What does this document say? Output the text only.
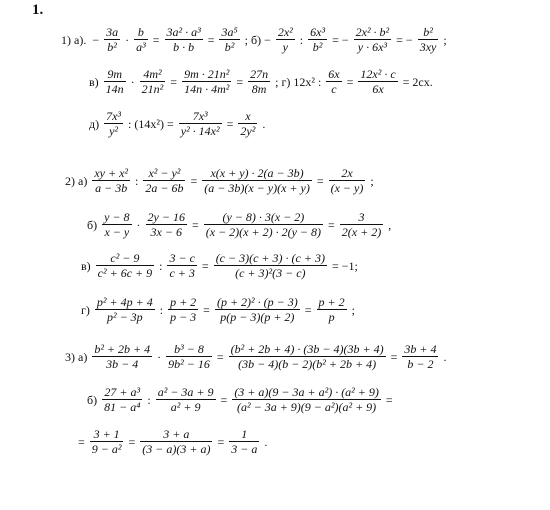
1.
1) а). − $\frac{3a}{\text{b²}} \cdot \frac{b}{\text{a³}} = \frac{\text{3a² · a³}}{b \cdot b} = \frac{\text{3a⁵}}{\text{b²}}$ ; $б) - \frac{\text{2x²}}{y}$ : $\frac{\text{6x³}}{\text{b²}}$ = − $\frac{\text{2x² · b²}}{\text{y · 6x³}}$ = − $\frac{\text{b²}}{3xy}$ ;
$в) \frac{9m}{14n} \cdot \frac{\text{4m²}}{\text{21n²}} = \frac{\text{9m · 21n²}}{\text{14n · 4m²}} = \frac{27n}{8m}$ ; г) 12x² : $\frac{6x}{c} = \frac{\text{12x² · c}}{6x} = 2cx$.
$д) \frac{\text{7x³}}{\text{y²}}$ : $(14x^2) = \frac{\text{7x³}}{\text{y² · 14x²}} = \frac{x}{\text{2y²}}$ .
2) $а) \frac{\text{xy + x²}}{a - 3b}$ : $\frac{\text{x² − y²}}{2a - 6b} = \frac{x(x + y) \cdot 2(a - 3b)}{(a - 3b)(x - y)(x + y)} = \frac{2x}{(x - y)}$ ;
$б) \frac{y - 8}{x - y} \cdot \frac{2y - 16}{3x - 6} = \frac{(y - 8) \cdot 3(x - 2)}{(x - 2)(x + 2) \cdot 2(y - 8)} = \frac{3}{2(x + 2)}$ ,
$в) \frac{\text{c² − 9}}{\text{c² + 6c + 9}}$ : $\frac{3 - c}{c + 3} = \frac{(c - 3)(c + 3) \cdot (c + 3)}{\text{(c + 3)²(3 − c)}} = -1$;
$г) \frac{\text{p² + 4p + 4}}{\text{p² − 3p}}$ : $\frac{p + 2}{p - 3} = \frac{\text{(p + 2)² · (p − 3)}}{p(p - 3)(p + 2)} = \frac{p + 2}{p}$ ;
3) $а) \frac{\text{b² + 2b + 4}}{3b - 4} \cdot \frac{\text{b³ − 8}}{\text{9b² − 16}} = \frac{\text{(b² + 2b + 4) · (3b − 4)(3b + 4)}}{\text{(3b − 4)(b − 2)(b² + 2b + 4)}} = \frac{3b + 4}{b - 2}$ .
$б) \frac{\text{27 + a³}}{\text{81 − a⁴}}$ : $\frac{\text{a² − 3a + 9}}{\text{a² + 9}} = \frac{\text{(3 + a)(9 − 3a + a²) · (a² + 9)}}{\text{(a² − 3a + 9)(9 − a²)(a² + 9)}}$ =
= $\frac{3 + 1}{\text{9 − a²}} = \frac{3 + a}{(3 - a)(3 + a)} = \frac{1}{3 - a}$ .
